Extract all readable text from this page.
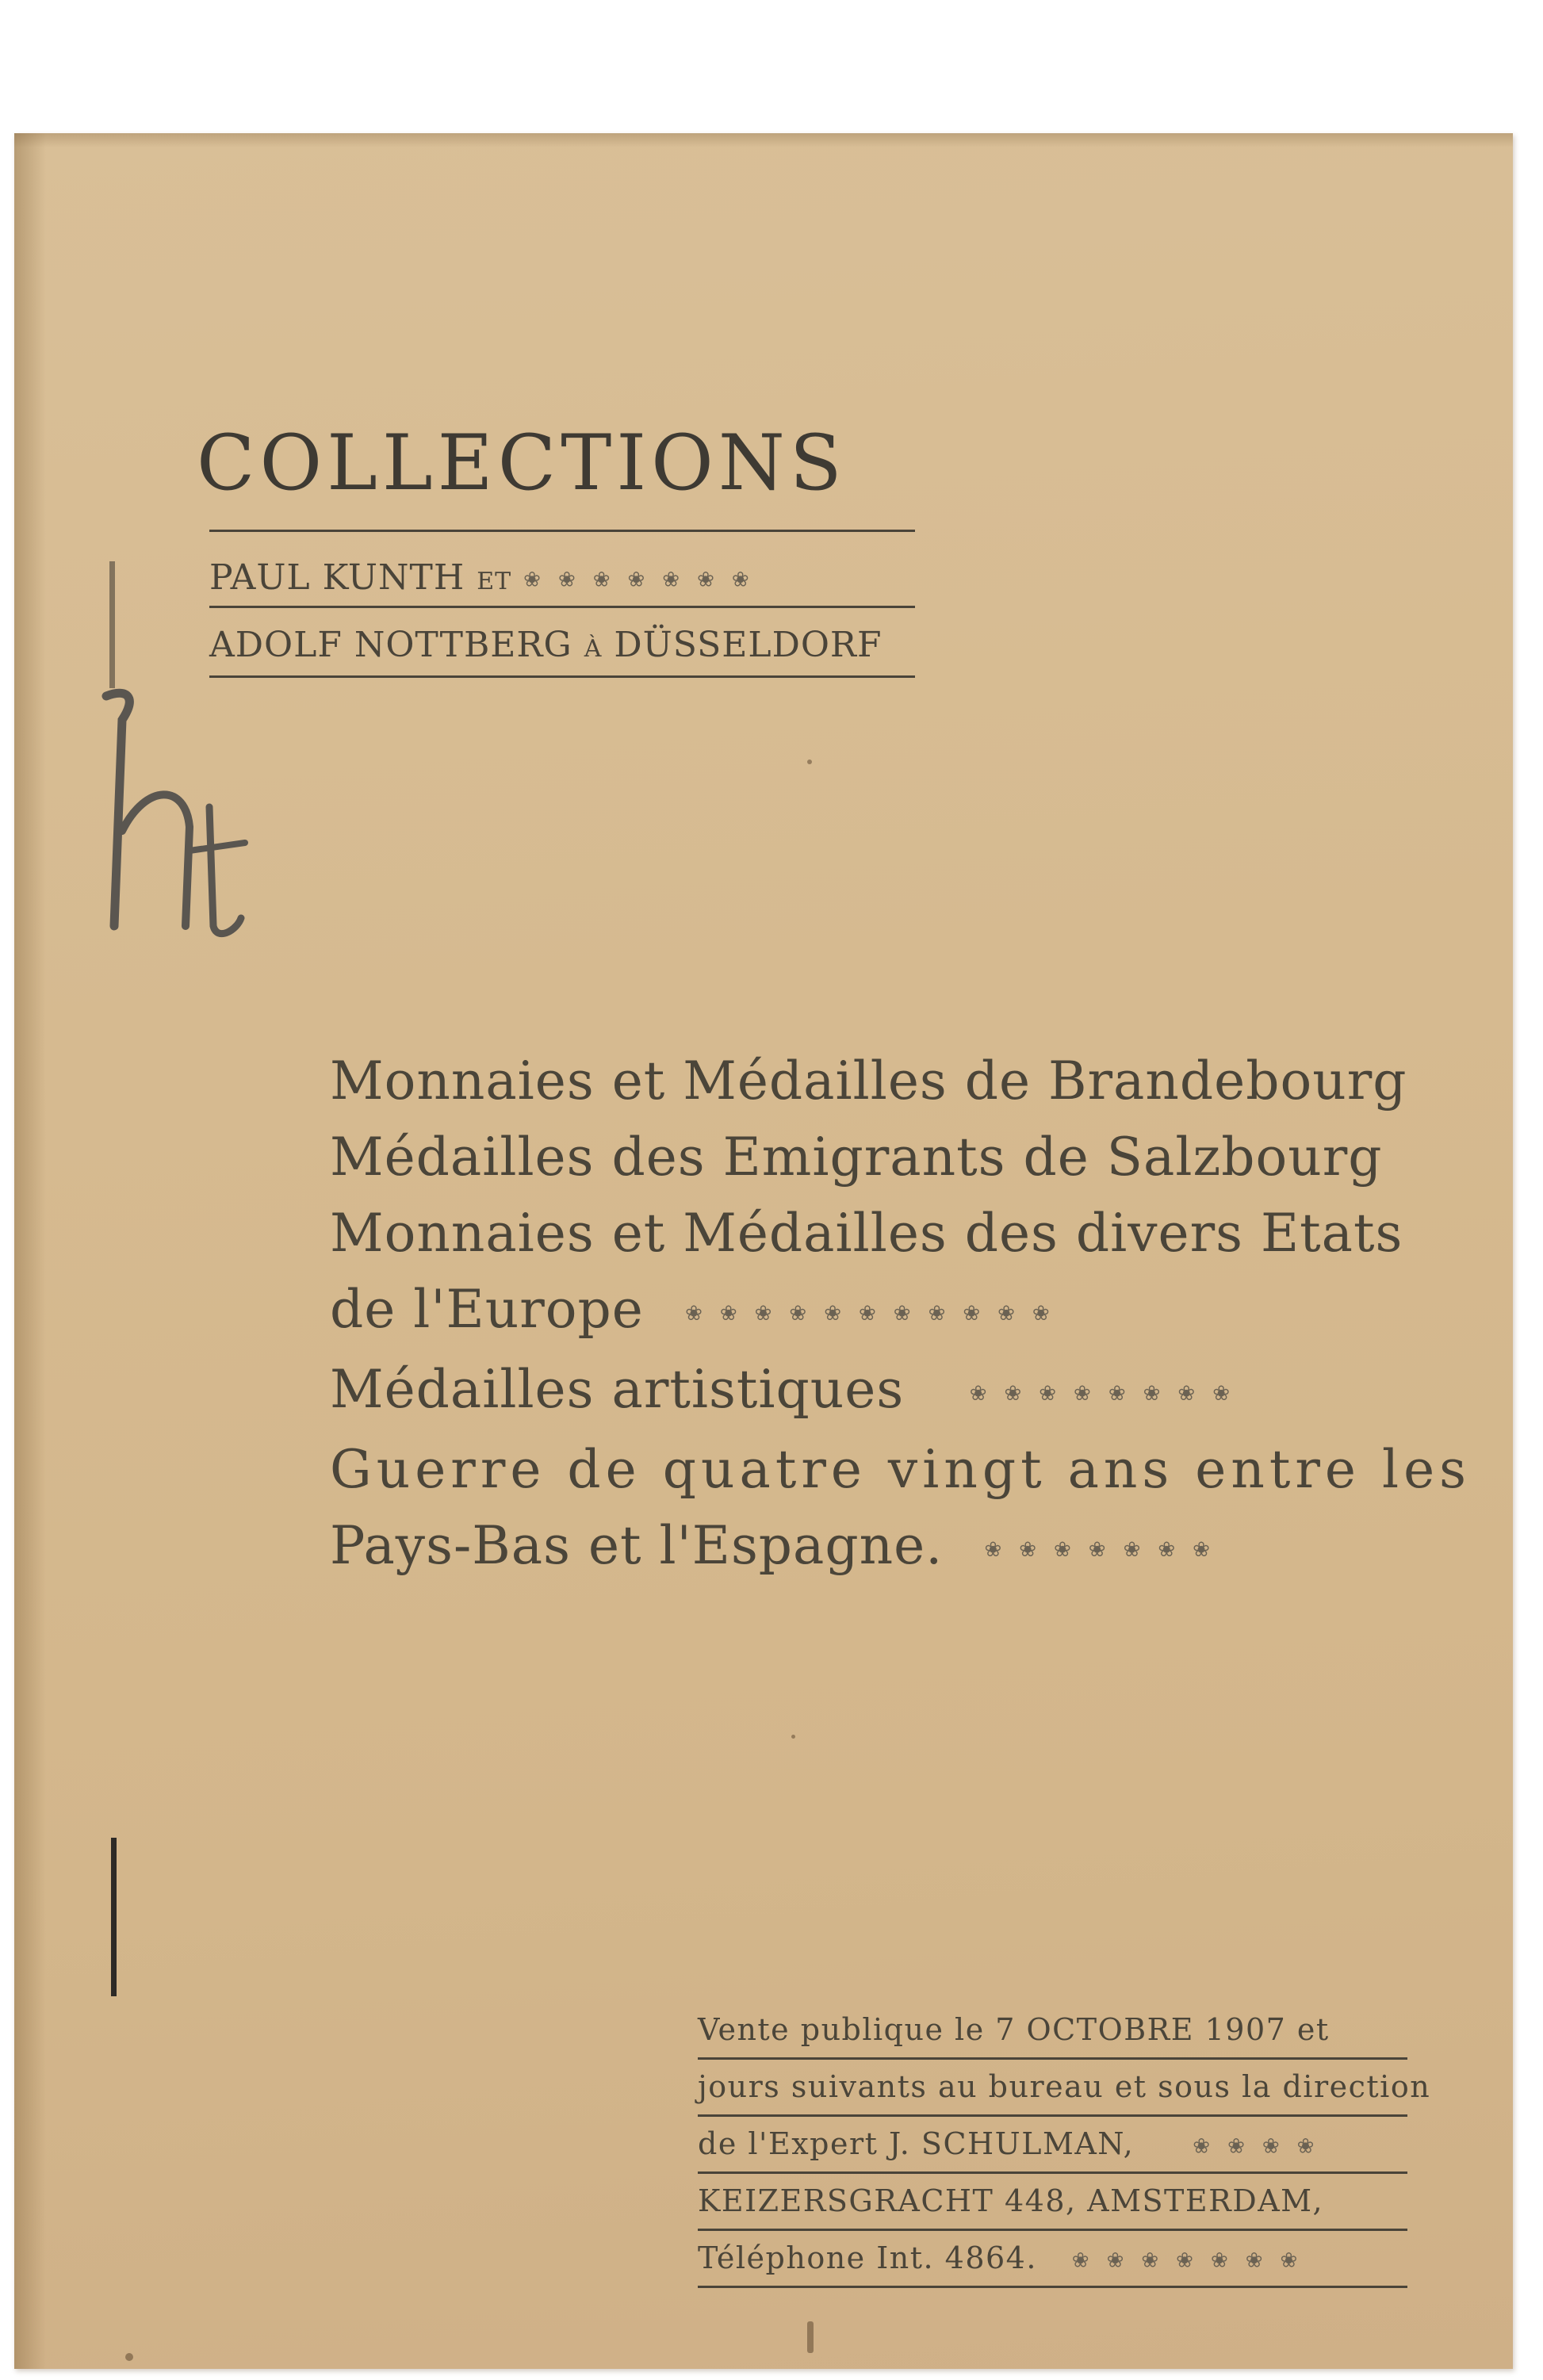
COLLECTIONS
PAUL KUNTH ET ❀❀❀❀❀❀❀
ADOLF NOTTBERG À DÜSSELDORF
Monnaies et Médailles de Brandebourg
Médailles des Emigrants de Salzbourg
Monnaies et Médailles des divers Etats
de l'Europe  ❀❀❀❀❀❀❀❀❀❀❀
Médailles artistiques   ❀❀❀❀❀❀❀❀
Guerre de quatre vingt ans entre les
Pays-Bas et l'Espagne.  ❀❀❀❀❀❀❀
Vente publique le 7 OCTOBRE 1907 et
jours suivants au bureau et sous la direction
de l'Expert J. SCHULMAN,   ❀❀❀❀
KEIZERSGRACHT 448, AMSTERDAM,
Téléphone Int. 4864.  ❀❀❀❀❀❀❀
